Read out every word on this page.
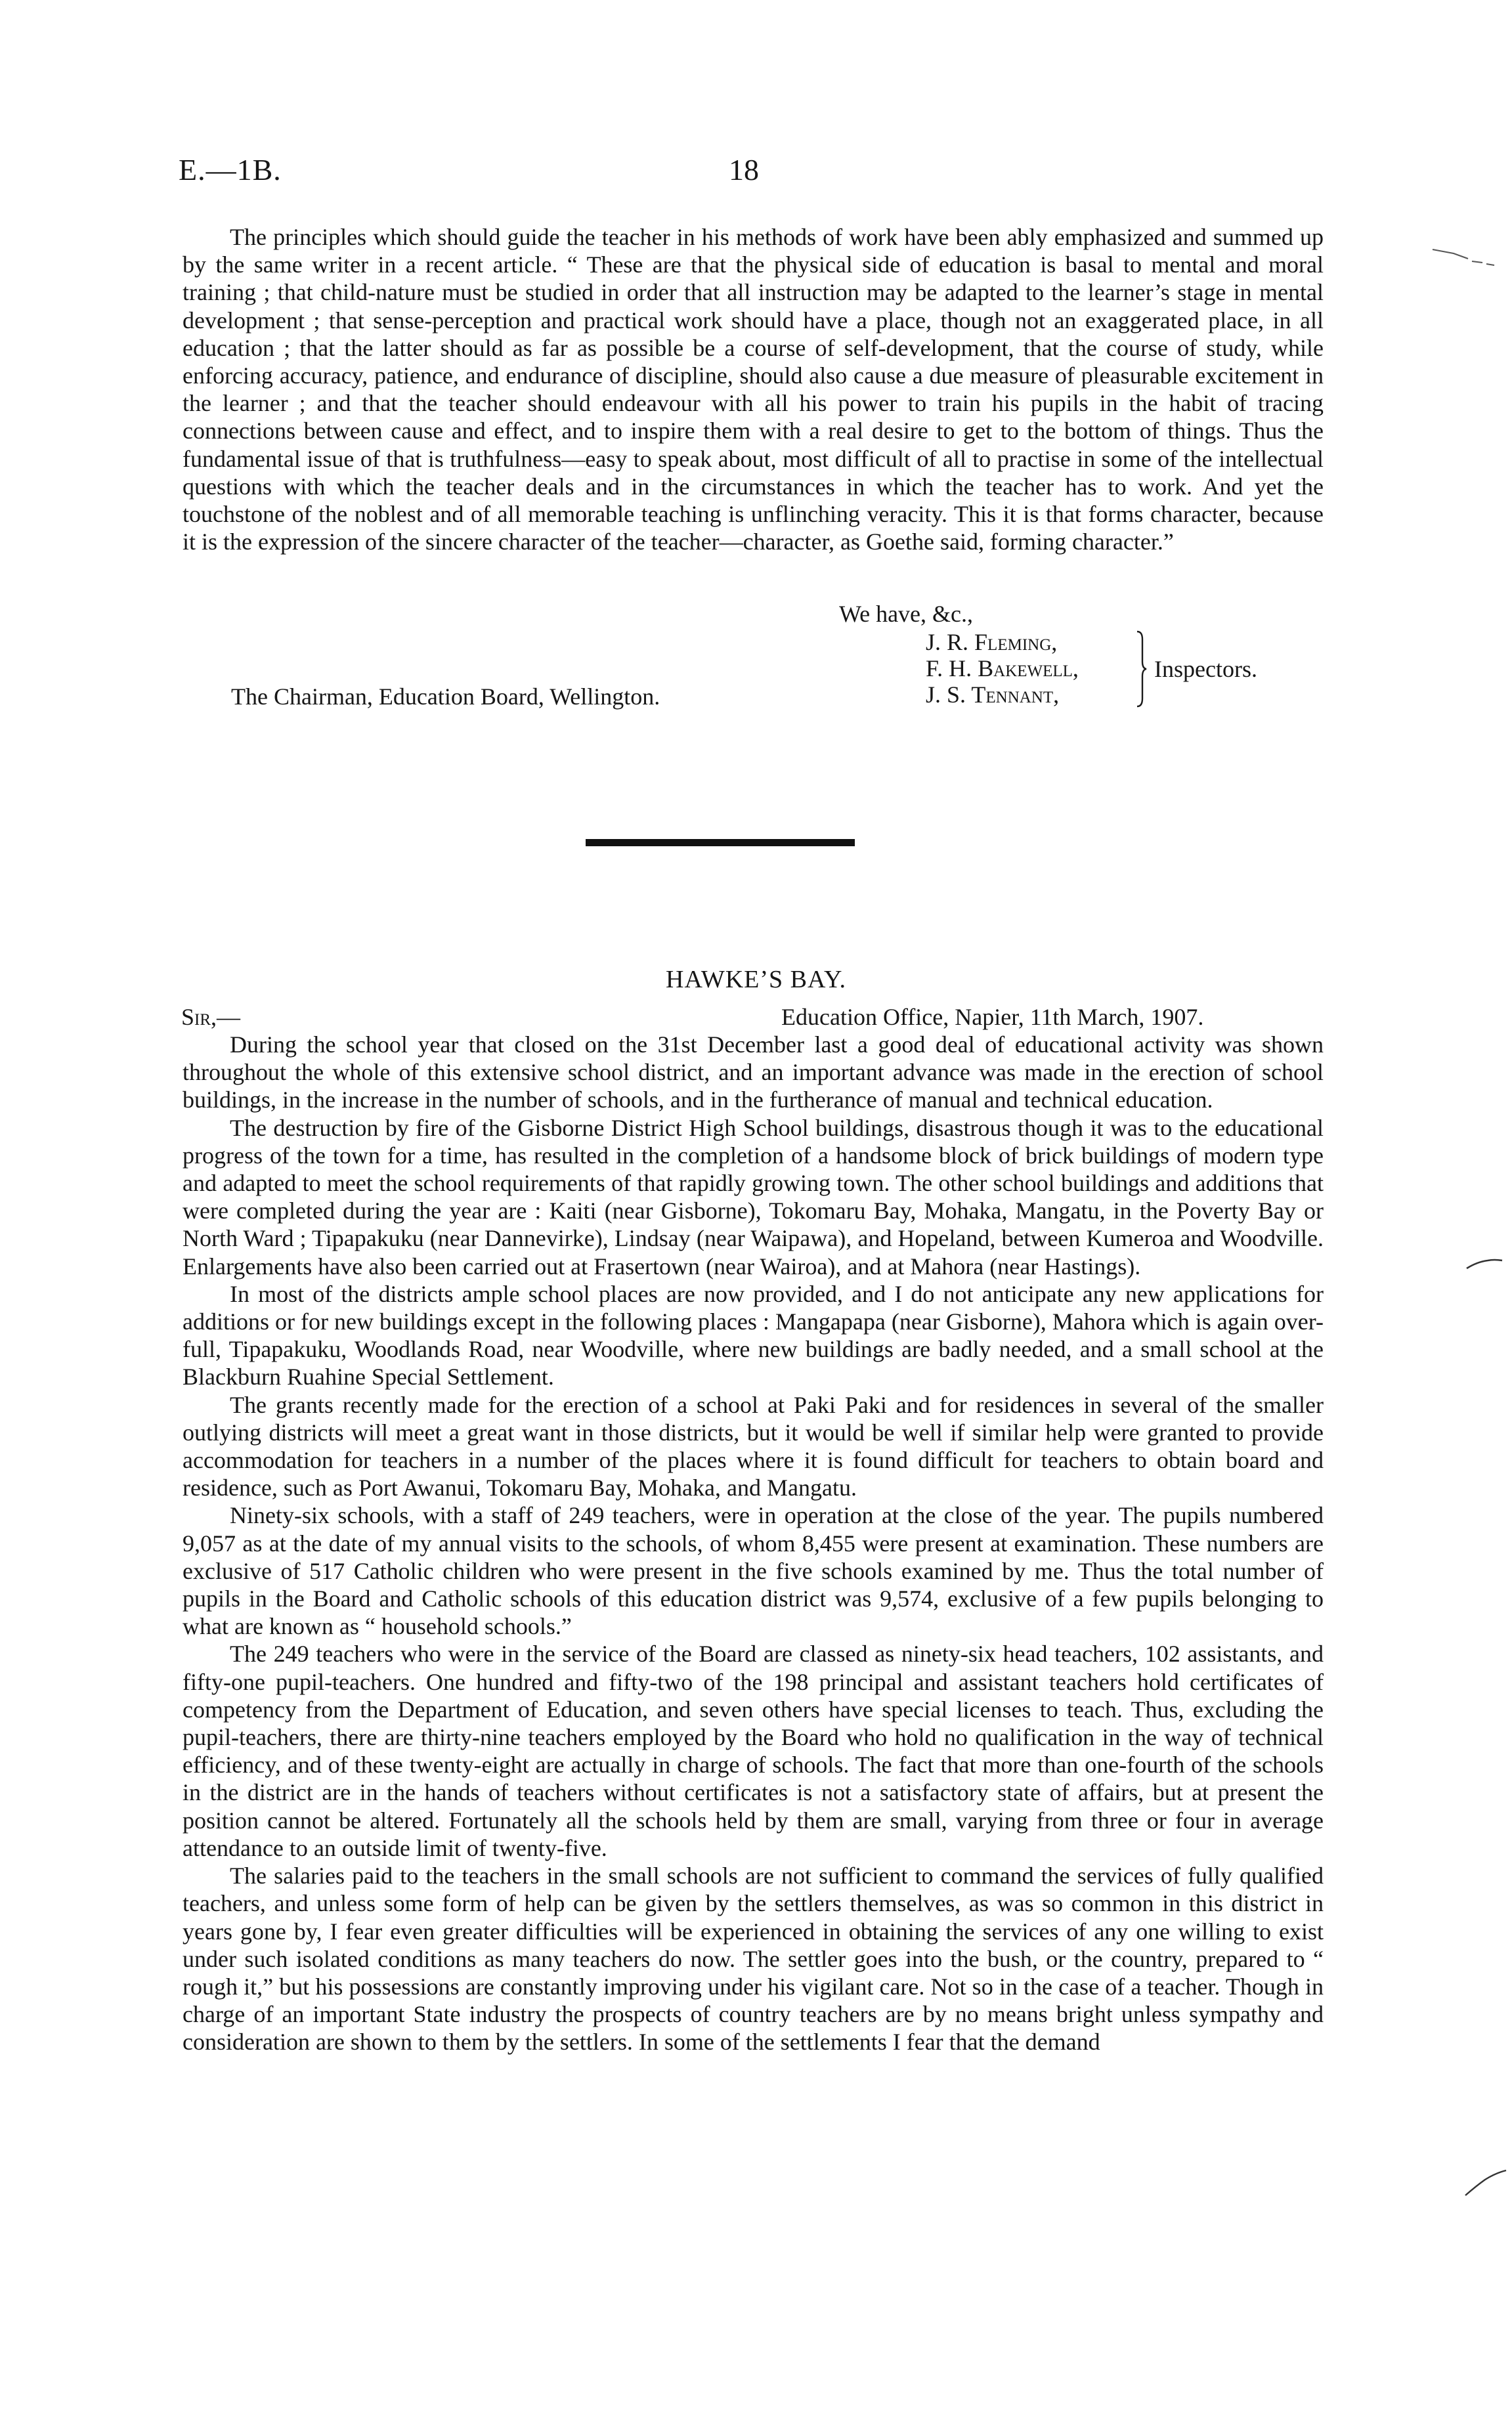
E.—1B.	18

The principles which should guide the teacher in his methods of work have been ably emphasized and summed up by the same writer in a recent article. “ These are that the physical side of education is basal to mental and moral training ; that child-nature must be studied in order that all instruction may be adapted to the learner’s stage in mental development ; that sense-perception and practical work should have a place, though not an exaggerated place, in all education ; that the latter should as far as possible be a course of self-development, that the course of study, while enforcing accuracy, patience, and endurance of discipline, should also cause a due measure of pleasurable excitement in the learner ; and that the teacher should endeavour with all his power to train his pupils in the habit of tracing connections between cause and effect, and to inspire them with a real desire to get to the bottom of things. Thus the fundamental issue of that is truthfulness—easy to speak about, most difficult of all to practise in some of the intellectual questions with which the teacher deals and in the circumstances in which the teacher has to work. And yet the touchstone of the noblest and of all memorable teaching is unflinching veracity. This it is that forms character, because it is the expression of the sincere character of the teacher—character, as Goethe said, forming character.”

We have, &c.,
J. R. Fleming,
F. H. Bakewell,
J. S. Tennant,
Inspectors.
The Chairman, Education Board, Wellington.
HAWKE’S BAY.
Sir,—	Education Office, Napier, 11th March, 1907.

During the school year that closed on the 31st December last a good deal of educational activity was shown throughout the whole of this extensive school district, and an important advance was made in the erection of school buildings, in the increase in the number of schools, and in the furtherance of manual and technical education.

The destruction by fire of the Gisborne District High School buildings, disastrous though it was to the educational progress of the town for a time, has resulted in the completion of a handsome block of brick buildings of modern type and adapted to meet the school requirements of that rapidly growing town. The other school buildings and additions that were completed during the year are : Kaiti (near Gisborne), Tokomaru Bay, Mohaka, Mangatu, in the Poverty Bay or North Ward ; Tipapakuku (near Dannevirke), Lindsay (near Waipawa), and Hopeland, between Kumeroa and Woodville. Enlargements have also been carried out at Frasertown (near Wairoa), and at Mahora (near Hastings).

In most of the districts ample school places are now provided, and I do not anticipate any new applications for additions or for new buildings except in the following places : Mangapapa (near Gisborne), Mahora which is again over-full, Tipapakuku, Woodlands Road, near Woodville, where new buildings are badly needed, and a small school at the Blackburn Ruahine Special Settlement.

The grants recently made for the erection of a school at Paki Paki and for residences in several of the smaller outlying districts will meet a great want in those districts, but it would be well if similar help were granted to provide accommodation for teachers in a number of the places where it is found difficult for teachers to obtain board and residence, such as Port Awanui, Tokomaru Bay, Mohaka, and Mangatu.

Ninety-six schools, with a staff of 249 teachers, were in operation at the close of the year. The pupils numbered 9,057 as at the date of my annual visits to the schools, of whom 8,455 were present at examination. These numbers are exclusive of 517 Catholic children who were present in the five schools examined by me. Thus the total number of pupils in the Board and Catholic schools of this education district was 9,574, exclusive of a few pupils belonging to what are known as “ household schools.”

The 249 teachers who were in the service of the Board are classed as ninety-six head teachers, 102 assistants, and fifty-one pupil-teachers. One hundred and fifty-two of the 198 principal and assistant teachers hold certificates of competency from the Department of Education, and seven others have special licenses to teach. Thus, excluding the pupil-teachers, there are thirty-nine teachers employed by the Board who hold no qualification in the way of technical efficiency, and of these twenty-eight are actually in charge of schools. The fact that more than one-fourth of the schools in the district are in the hands of teachers without certificates is not a satisfactory state of affairs, but at present the position cannot be altered. Fortunately all the schools held by them are small, varying from three or four in average attendance to an outside limit of twenty-five.

The salaries paid to the teachers in the small schools are not sufficient to command the services of fully qualified teachers, and unless some form of help can be given by the settlers themselves, as was so common in this district in years gone by, I fear even greater difficulties will be experienced in obtaining the services of any one willing to exist under such isolated conditions as many teachers do now. The settler goes into the bush, or the country, prepared to “ rough it,” but his possessions are constantly improving under his vigilant care. Not so in the case of a teacher. Though in charge of an important State industry the prospects of country teachers are by no means bright unless sympathy and consideration are shown to them by the settlers. In some of the settlements I fear that the demand
